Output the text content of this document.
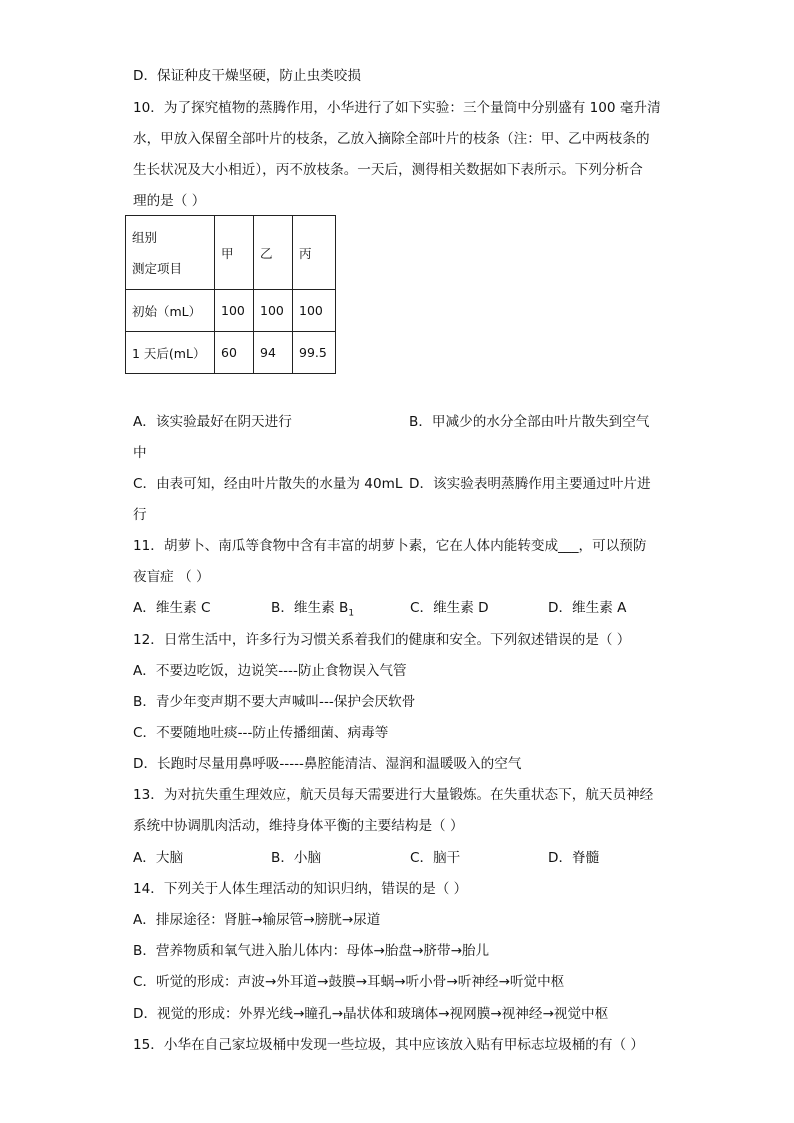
D．保证种皮干燥坚硬，防止虫类咬损
10．为了探究植物的蒸腾作用，小华进行了如下实验：三个量筒中分别盛有 100 毫升清
水，甲放入保留全部叶片的枝条，乙放入摘除全部叶片的枝条（注：甲、乙中两枝条的
生长状况及大小相近），丙不放枝条。一天后，测得相关数据如下表所示。下列分析合
理的是（ ）
组别
测定项目	甲	乙	丙
初始（mL）	100	100	100
1 天后(mL）	60	94	99.5
A．该实验最好在阴天进行	B．甲减少的水分全部由叶片散失到空气
中
C．由表可知，经由叶片散失的水量为 40mL D．该实验表明蒸腾作用主要通过叶片进
行
11．胡萝卜、南瓜等食物中含有丰富的胡萝卜素，它在人体内能转变成___，可以预防
夜盲症 （ ）
A．维生素 C	B．维生素 $B_1$	C．维生素 D	D．维生素 A
12．日常生活中，许多行为习惯关系着我们的健康和安全。下列叙述错误的是（ ）
A．不要边吃饭，边说笑----防止食物误入气管
B．青少年变声期不要大声喊叫---保护会厌软骨
C．不要随地吐痰---防止传播细菌、病毒等
D．长跑时尽量用鼻呼吸-----鼻腔能清洁、湿润和温暖吸入的空气
13．为对抗失重生理效应，航天员每天需要进行大量锻炼。在失重状态下，航天员神经
系统中协调肌肉活动，维持身体平衡的主要结构是（ ）
A．大脑	B．小脑	C．脑干	D．脊髓
14．下列关于人体生理活动的知识归纳，错误的是（ ）
A．排尿途径：肾脏→输尿管→膀胱→尿道
B．营养物质和氧气进入胎儿体内：母体→胎盘→脐带→胎儿
C．听觉的形成：声波→外耳道→鼓膜→耳蜗→听小骨→听神经→听觉中枢
D．视觉的形成：外界光线→瞳孔→晶状体和玻璃体→视网膜→视神经→视觉中枢
15．小华在自己家垃圾桶中发现一些垃圾，其中应该放入贴有甲标志垃圾桶的有（ ）
